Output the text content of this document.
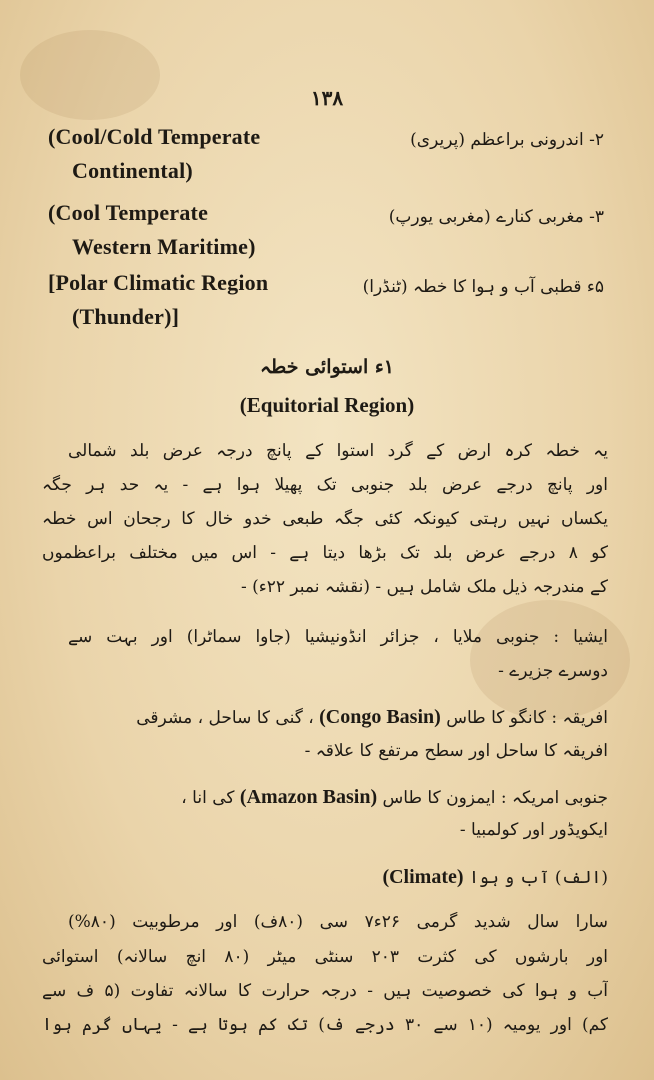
۱۳۸
(Cool/Cold Temperate	۲- اندرونی براعظم (پریری)
Continental)
(Cool Temperate	۳- مغربی کنارے (مغربی یورپ)
Western Maritime)
[Polar Climatic Region	۵ء قطبی آب و ہوا کا خطہ (ٹنڈرا)
(Thunder)]
۱ء استوائی خطہ
(Equitorial Region)
یہ خطہ کرہ ارض کے گرد استوا کے پانچ درجہ عرض بلد شمالی
اور پانچ درجے عرض بلد جنوبی تک پھیلا ہوا ہے - یہ حد ہر جگہ
یکساں نہیں رہتی کیونکہ کئی جگہ طبعی خدو خال کا رجحان اس خطہ
کو ۸ درجے عرض بلد تک بڑھا دیتا ہے - اس میں مختلف براعظموں
کے مندرجہ ذیل ملک شامل ہیں - (نقشہ نمبر ۲۲ء) -
ایشیا : جنوبی ملایا ، جزائر انڈونیشیا (جاوا سماٹرا) اور بہت سے
دوسرے جزیرے -
افریقہ : کانگو کا طاس (Congo Basin) ، گنی کا ساحل ، مشرقی
افریقہ کا ساحل اور سطح مرتفع کا علاقہ -
جنوبی امریکہ : ایمزون کا طاس (Amazon Basin) کی انا ،
ایکویڈور اور کولمبیا -
(الف) آب و ہوا (Climate)
سارا سال شدید گرمی ۲۶ء۷ سی (۸۰ف) اور مرطوبیت (۸۰%)
اور بارشوں کی کثرت ۲۰۳ سنٹی میٹر (۸۰ انچ سالانہ) استوائی
آب و ہوا کی خصوصیت ہیں - درجہ حرارت کا سالانہ تفاوت (۵ ف سے
کم) اور یومیہ (۱۰ سے ۳۰ درجے ف) تک کم ہوتا ہے - یہاں گرم ہوا
